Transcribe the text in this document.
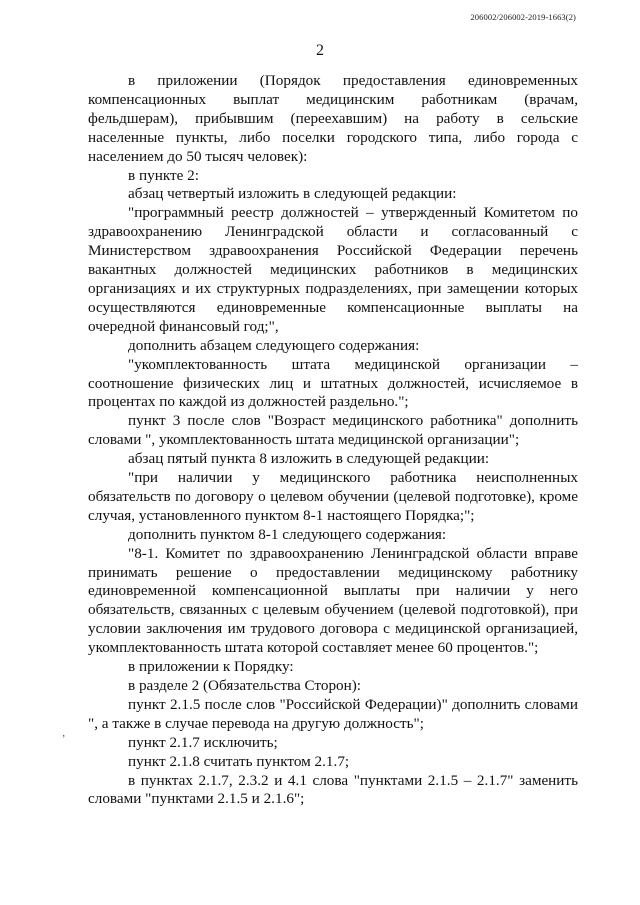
206002/206002-2019-1663(2)
2

в приложении (Порядок предоставления единовременных компенсационных выплат медицинским работникам (врачам, фельдшерам), прибывшим (переехавшим) на работу в сельские населенные пункты, либо поселки городского типа, либо города с населением до 50 тысяч человек):

в пункте 2:

абзац четвертый изложить в следующей редакции:

"программный реестр должностей – утвержденный Комитетом по здравоохранению Ленинградской области и согласованный с Министерством здравоохранения Российской Федерации перечень вакантных должностей медицинских работников в медицинских организациях и их структурных подразделениях, при замещении которых осуществляются единовременные компенсационные выплаты на очередной финансовый год;",

дополнить абзацем следующего содержания:

"укомплектованность штата медицинской организации – соотношение физических лиц и штатных должностей, исчисляемое в процентах по каждой из должностей раздельно.";

пункт 3 после слов "Возраст медицинского работника" дополнить словами ", укомплектованность штата медицинской организации";

абзац пятый пункта 8 изложить в следующей редакции:

"при наличии у медицинского работника неисполненных обязательств по договору о целевом обучении (целевой подготовке), кроме случая, установленного пунктом 8-1 настоящего Порядка;";

дополнить пунктом 8-1 следующего содержания:

"8-1. Комитет по здравоохранению Ленинградской области вправе принимать решение о предоставлении медицинскому работнику единовременной компенсационной выплаты при наличии у него обязательств, связанных с целевым обучением (целевой подготовкой), при условии заключения им трудового договора с медицинской организацией, укомплектованность штата которой составляет менее 60 процентов.";

в приложении к Порядку:

в разделе 2 (Обязательства Сторон):

пункт 2.1.5 после слов "Российской Федерации)" дополнить словами ", а также в случае перевода на другую должность";

пункт 2.1.7 исключить;

пункт 2.1.8 считать пунктом 2.1.7;

в пунктах 2.1.7, 2.3.2 и 4.1 слова "пунктами 2.1.5 – 2.1.7" заменить словами "пунктами 2.1.5 и 2.1.6";

ʼ
